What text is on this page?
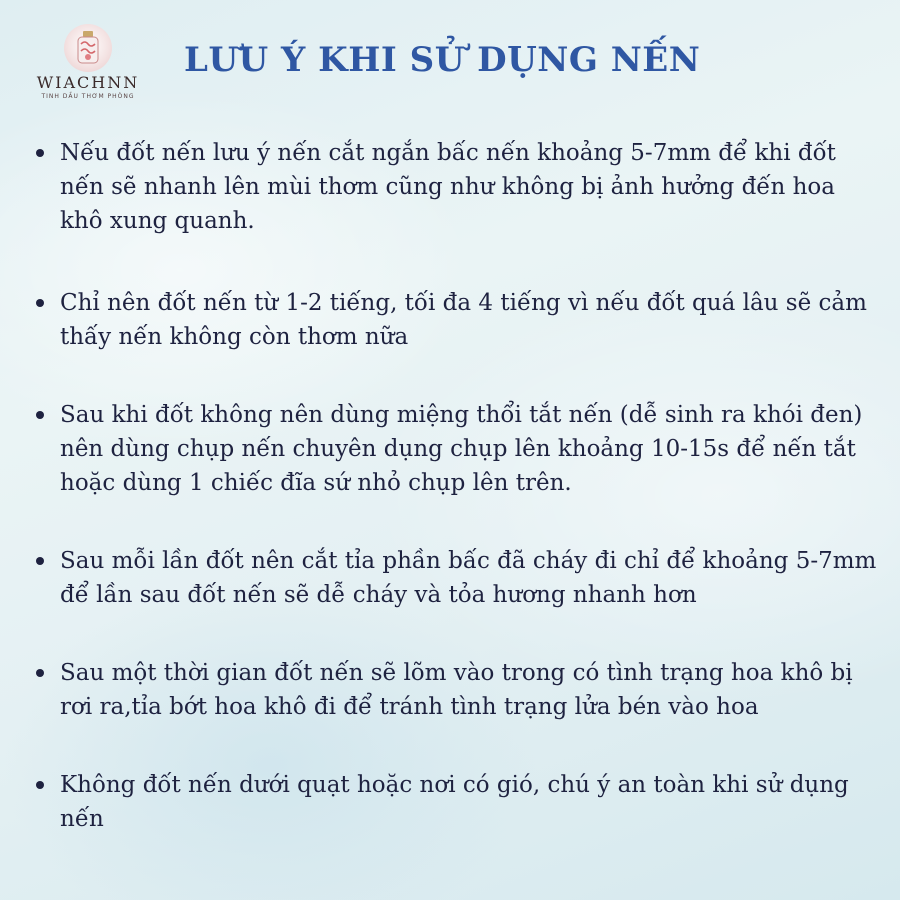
WIACHNN
TINH DẦU THƠM PHÒNG
LƯU Ý KHI SỬ DỤNG NẾN
Nếu đốt nến lưu ý nến cắt ngắn bấc nến khoảng 5-7mm để khi đốt nến sẽ nhanh lên mùi thơm cũng như không bị ảnh hưởng đến hoa khô xung quanh.
Chỉ nên đốt nến từ 1-2 tiếng, tối đa 4 tiếng vì nếu đốt quá lâu sẽ cảm thấy nến không còn thơm nữa
Sau khi đốt không nên dùng miệng thổi tắt nến (dễ sinh ra khói đen) nên dùng chụp nến chuyên dụng chụp lên khoảng 10-15s để nến tắt hoặc dùng 1 chiếc đĩa sứ nhỏ chụp lên trên.
Sau mỗi lần đốt nên cắt tỉa phần bấc đã cháy đi chỉ để khoảng 5-7mm để lần sau đốt nến sẽ dễ cháy và tỏa hương nhanh hơn
Sau một thời gian đốt nến sẽ lõm vào trong có tình trạng hoa khô bị rơi ra,tỉa bớt hoa khô đi để tránh tình trạng lửa bén vào hoa
Không đốt nến dưới quạt hoặc nơi có gió, chú ý an toàn khi sử dụng nến
